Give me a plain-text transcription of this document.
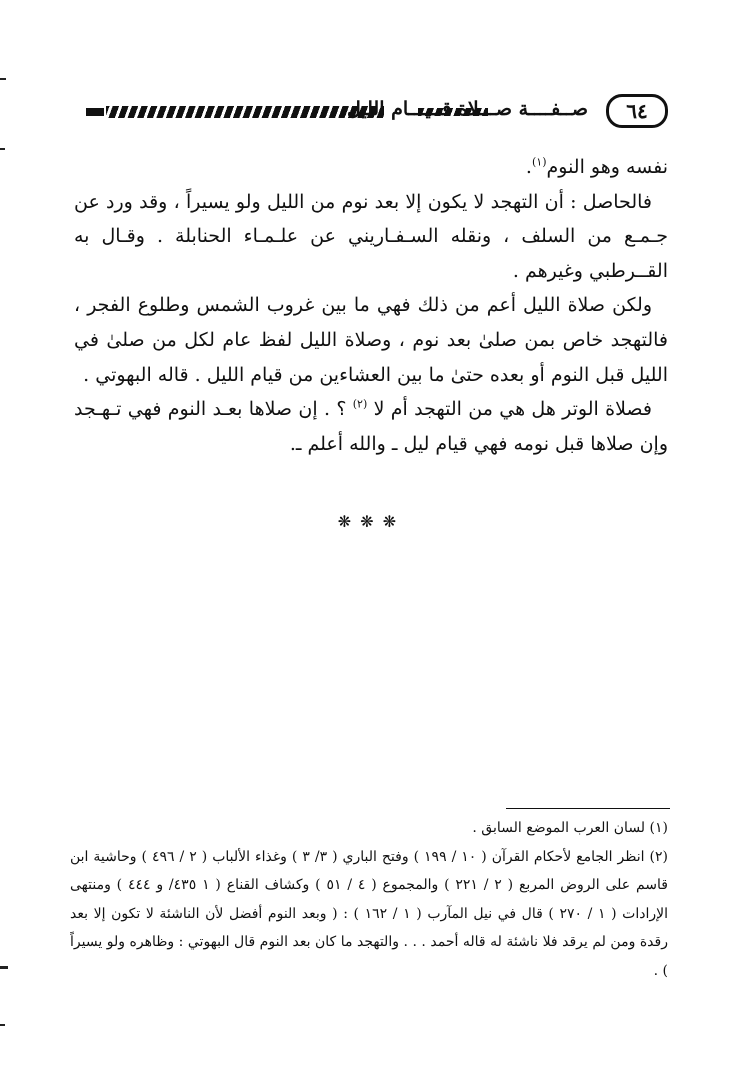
صــفــــة صـــلاة قــيـــام الليل	٦٤

نفسه وهو النوم$^{(١)}$.

فالحاصل : أن التهجد لا يكون إلا بعد نوم من الليل ولو يسيراً ، وقد ورد عن جـمـع من السلف ، ونقله السـفـاريني عن علـمـاء الحنابلة . وقـال به القــرطبي وغيرهم .

ولكن صلاة الليل أعم من ذلك فهي ما بين غروب الشمس وطلوع الفجر ، فالتهجد خاص بمن صلىٰ بعد نوم ، وصلاة الليل لفظ عام لكل من صلىٰ في الليل قبل النوم أو بعده حتىٰ ما بين العشاءين من قيام الليل . قاله البهوتي .

فصلاة الوتر هل هي من التهجد أم لا $^{(٢)}$ ؟ . إن صلاها بعـد النوم فهي تـهـجد وإن صلاها قبل نومه فهي قيام ليل ـ والله أعلم ـ.

❋ ❋ ❋

(١) لسان العرب الموضع السابق .

(٢) انظر الجامع لأحكام القرآن ( ١٠ / ١٩٩ ) وفتح الباري ( ٣/ ٣ ) وغذاء الألباب ( ٢ / ٤٩٦ ) وحاشية ابن قاسم على الروض المربع ( ٢ / ٢٢١ ) والمجموع ( ٤ / ٥١ ) وكشاف القناع ( ١ ٤٣٥/ و ٤٤٤ ) ومنتهى الإرادات ( ١ / ٢٧٠ ) قال في نيل المآرب ( ١ / ١٦٢ ) : ( وبعد النوم أفضل لأن الناشئة لا تكون إلا بعد رقدة ومن لم يرقد فلا ناشئة له قاله أحمد . . . والتهجد ما كان بعد النوم قال البهوتي : وظاهره ولو يسيراً ) .
